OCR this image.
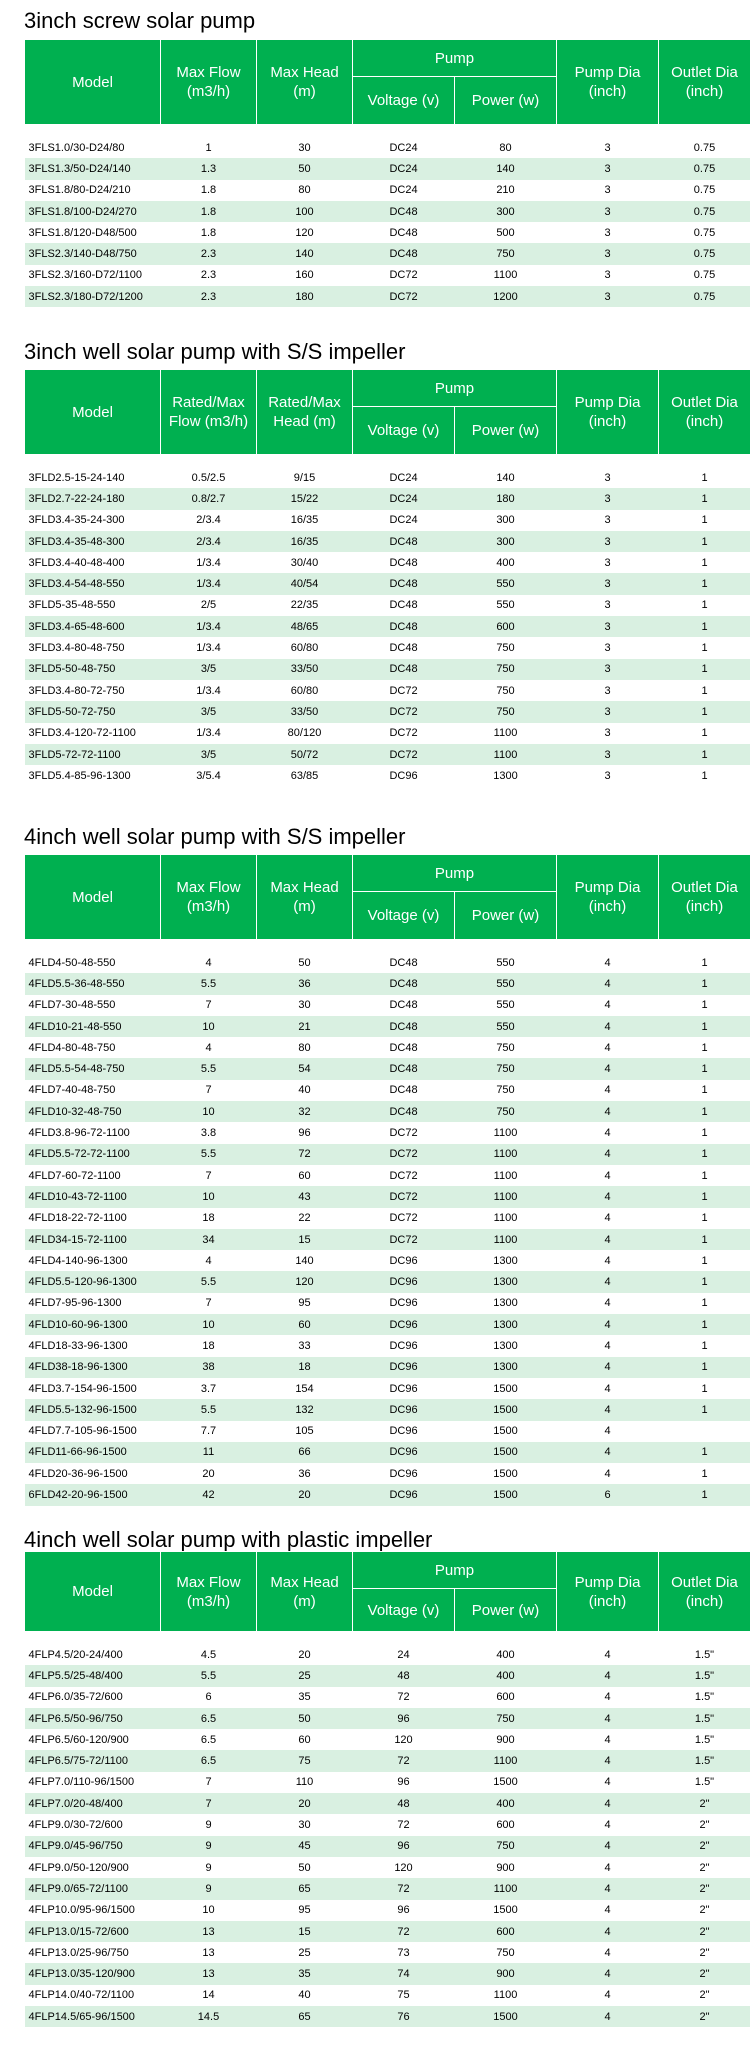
3inch screw solar pump
Model	Max Flow (m3/h)	Max Head (m)	Pump		Pump Dia (inch)	Outlet Dia (inch)
			Voltage (v)	Power (w)		

3FLS1.0/30-D24/80	1	30	DC24	80	3	0.75
3FLS1.3/50-D24/140	1.3	50	DC24	140	3	0.75
3FLS1.8/80-D24/210	1.8	80	DC24	210	3	0.75
3FLS1.8/100-D24/270	1.8	100	DC48	300	3	0.75
3FLS1.8/120-D48/500	1.8	120	DC48	500	3	0.75
3FLS2.3/140-D48/750	2.3	140	DC48	750	3	0.75
3FLS2.3/160-D72/1100	2.3	160	DC72	1100	3	0.75
3FLS2.3/180-D72/1200	2.3	180	DC72	1200	3	0.75
3inch well solar pump with S/S impeller
Model	Rated/Max Flow (m3/h)	Rated/Max Head (m)	Pump		Pump Dia (inch)	Outlet Dia (inch)
			Voltage (v)	Power (w)		

3FLD2.5-15-24-140	0.5/2.5	9/15	DC24	140	3	1
3FLD2.7-22-24-180	0.8/2.7	15/22	DC24	180	3	1
3FLD3.4-35-24-300	2/3.4	16/35	DC24	300	3	1
3FLD3.4-35-48-300	2/3.4	16/35	DC48	300	3	1
3FLD3.4-40-48-400	1/3.4	30/40	DC48	400	3	1
3FLD3.4-54-48-550	1/3.4	40/54	DC48	550	3	1
3FLD5-35-48-550	2/5	22/35	DC48	550	3	1
3FLD3.4-65-48-600	1/3.4	48/65	DC48	600	3	1
3FLD3.4-80-48-750	1/3.4	60/80	DC48	750	3	1
3FLD5-50-48-750	3/5	33/50	DC48	750	3	1
3FLD3.4-80-72-750	1/3.4	60/80	DC72	750	3	1
3FLD5-50-72-750	3/5	33/50	DC72	750	3	1
3FLD3.4-120-72-1100	1/3.4	80/120	DC72	1100	3	1
3FLD5-72-72-1100	3/5	50/72	DC72	1100	3	1
3FLD5.4-85-96-1300	3/5.4	63/85	DC96	1300	3	1
4inch well solar pump with S/S impeller
Model	Max Flow (m3/h)	Max Head (m)	Pump		Pump Dia (inch)	Outlet Dia (inch)
			Voltage (v)	Power (w)		

4FLD4-50-48-550	4	50	DC48	550	4	1
4FLD5.5-36-48-550	5.5	36	DC48	550	4	1
4FLD7-30-48-550	7	30	DC48	550	4	1
4FLD10-21-48-550	10	21	DC48	550	4	1
4FLD4-80-48-750	4	80	DC48	750	4	1
4FLD5.5-54-48-750	5.5	54	DC48	750	4	1
4FLD7-40-48-750	7	40	DC48	750	4	1
4FLD10-32-48-750	10	32	DC48	750	4	1
4FLD3.8-96-72-1100	3.8	96	DC72	1100	4	1
4FLD5.5-72-72-1100	5.5	72	DC72	1100	4	1
4FLD7-60-72-1100	7	60	DC72	1100	4	1
4FLD10-43-72-1100	10	43	DC72	1100	4	1
4FLD18-22-72-1100	18	22	DC72	1100	4	1
4FLD34-15-72-1100	34	15	DC72	1100	4	1
4FLD4-140-96-1300	4	140	DC96	1300	4	1
4FLD5.5-120-96-1300	5.5	120	DC96	1300	4	1
4FLD7-95-96-1300	7	95	DC96	1300	4	1
4FLD10-60-96-1300	10	60	DC96	1300	4	1
4FLD18-33-96-1300	18	33	DC96	1300	4	1
4FLD38-18-96-1300	38	18	DC96	1300	4	1
4FLD3.7-154-96-1500	3.7	154	DC96	1500	4	1
4FLD5.5-132-96-1500	5.5	132	DC96	1500	4	1
4FLD7.7-105-96-1500	7.7	105	DC96	1500	4	
4FLD11-66-96-1500	11	66	DC96	1500	4	1
4FLD20-36-96-1500	20	36	DC96	1500	4	1
6FLD42-20-96-1500	42	20	DC96	1500	6	1
4inch well solar pump with plastic impeller
Model	Max Flow (m3/h)	Max Head (m)	Pump		Pump Dia (inch)	Outlet Dia (inch)
			Voltage (v)	Power (w)		

4FLP4.5/20-24/400	4.5	20	24	400	4	1.5"
4FLP5.5/25-48/400	5.5	25	48	400	4	1.5"
4FLP6.0/35-72/600	6	35	72	600	4	1.5"
4FLP6.5/50-96/750	6.5	50	96	750	4	1.5"
4FLP6.5/60-120/900	6.5	60	120	900	4	1.5"
4FLP6.5/75-72/1100	6.5	75	72	1100	4	1.5"
4FLP7.0/110-96/1500	7	110	96	1500	4	1.5"
4FLP7.0/20-48/400	7	20	48	400	4	2"
4FLP9.0/30-72/600	9	30	72	600	4	2"
4FLP9.0/45-96/750	9	45	96	750	4	2"
4FLP9.0/50-120/900	9	50	120	900	4	2"
4FLP9.0/65-72/1100	9	65	72	1100	4	2"
4FLP10.0/95-96/1500	10	95	96	1500	4	2"
4FLP13.0/15-72/600	13	15	72	600	4	2"
4FLP13.0/25-96/750	13	25	73	750	4	2"
4FLP13.0/35-120/900	13	35	74	900	4	2"
4FLP14.0/40-72/1100	14	40	75	1100	4	2"
4FLP14.5/65-96/1500	14.5	65	76	1500	4	2"
